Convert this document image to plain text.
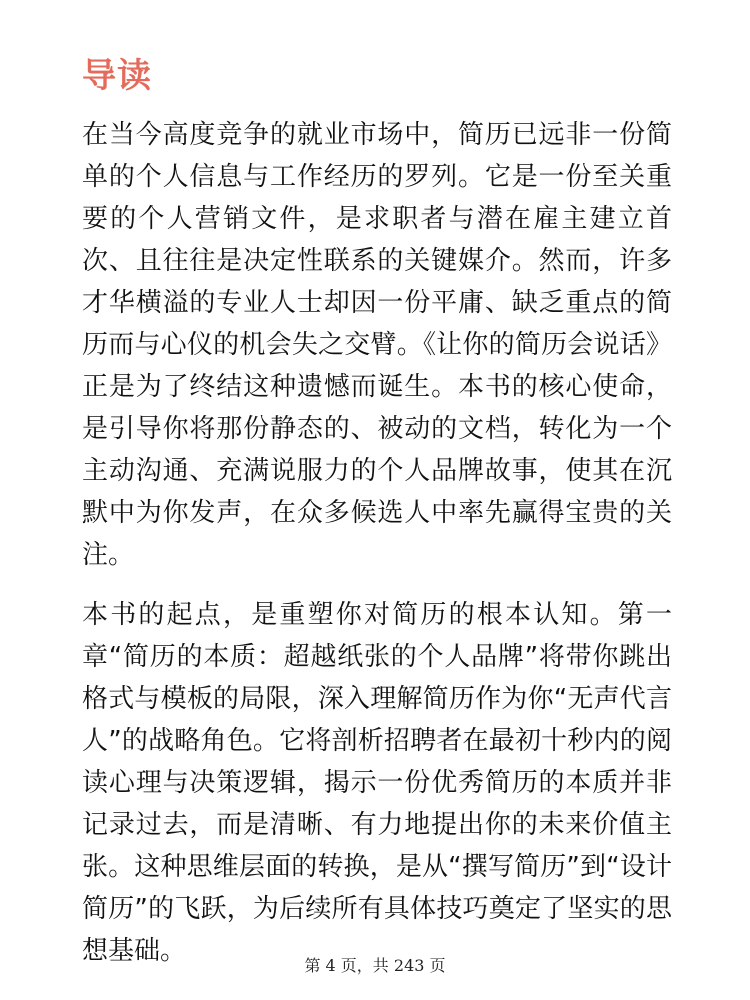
导读

在当今高度竞争的就业市场中，简历已远非一份简单的个人信息与工作经历的罗列。它是一份至关重要的个人营销文件，是求职者与潜在雇主建立首次、且往往是决定性联系的关键媒介。然而，许多才华横溢的专业人士却因一份平庸、缺乏重点的简历而与心仪的机会失之交臂。《让你的简历会说话》正是为了终结这种遗憾而诞生。本书的核心使命，是引导你将那份静态的、被动的文档，转化为一个主动沟通、充满说服力的个人品牌故事，使其在沉默中为你发声，在众多候选人中率先赢得宝贵的关注。

本书的起点，是重塑你对简历的根本认知。第一章“简历的本质：超越纸张的个人品牌”将带你跳出格式与模板的局限，深入理解简历作为你“无声代言人”的战略角色。它将剖析招聘者在最初十秒内的阅读心理与决策逻辑，揭示一份优秀简历的本质并非记录过去，而是清晰、有力地提出你的未来价值主张。这种思维层面的转换，是从“撰写简历”到“设计简历”的飞跃，为后续所有具体技巧奠定了坚实的思想基础。	第 4 页，共 243 页
